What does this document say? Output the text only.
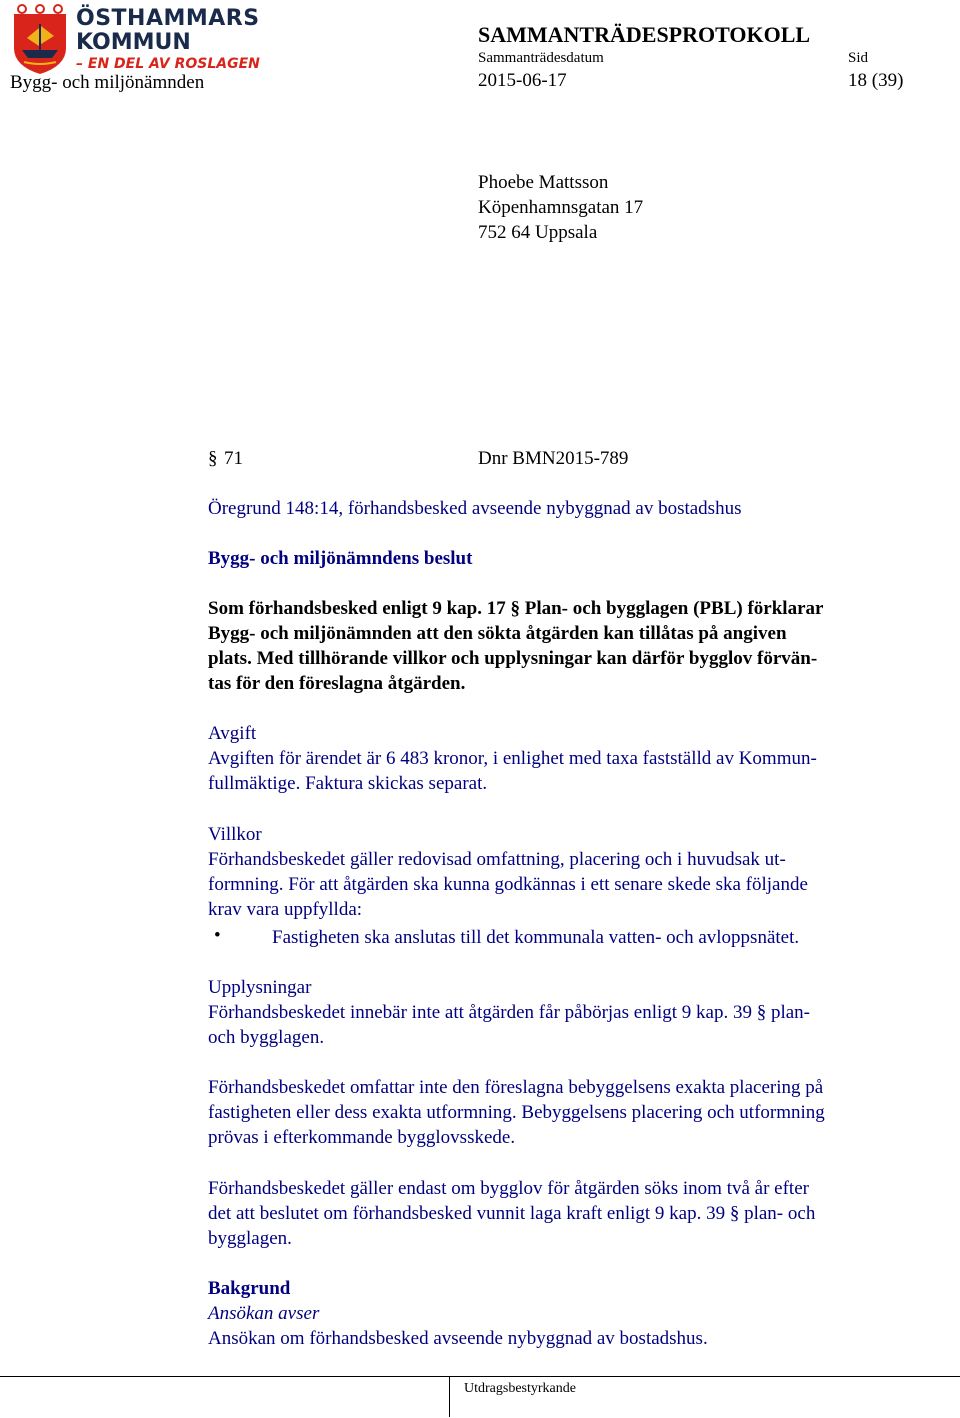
ÖSTHAMMARS
KOMMUN
– EN DEL AV ROSLAGEN
Bygg- och miljönämnden
SAMMANTRÄDESPROTOKOLL
Sammanträdesdatum	Sid
2015-06-17	18 (39)
Phoebe Mattsson
Köpenhamnsgatan 17
752 64 Uppsala
§ 71	Dnr BMN2015-789
Öregrund 148:14, förhandsbesked avseende nybyggnad av bostadshus
Bygg- och miljönämndens beslut

Som förhandsbesked enligt 9 kap. 17 § Plan- och bygglagen (PBL) förklarar

Bygg- och miljönämnden att den sökta åtgärden kan tillåtas på angiven

plats. Med tillhörande villkor och upplysningar kan därför bygglov förvän-

tas för den föreslagna åtgärden.

Avgift

Avgiften för ärendet är 6 483 kronor, i enlighet med taxa fastställd av Kommun-

fullmäktige. Faktura skickas separat.

Villkor

Förhandsbeskedet gäller redovisad omfattning, placering och i huvudsak ut-

formning. För att åtgärden ska kunna godkännas i ett senare skede ska följande

krav vara uppfyllda:

•	Fastigheten ska anslutas till det kommunala vatten- och avloppsnätet.

Upplysningar

Förhandsbeskedet innebär inte att åtgärden får påbörjas enligt 9 kap. 39 § plan-

och bygglagen.

Förhandsbeskedet omfattar inte den föreslagna bebyggelsens exakta placering på

fastigheten eller dess exakta utformning. Bebyggelsens placering och utformning

prövas i efterkommande bygglovsskede.

Förhandsbeskedet gäller endast om bygglov för åtgärden söks inom två år efter

det att beslutet om förhandsbesked vunnit laga kraft enligt 9 kap. 39 § plan- och

bygglagen.

Bakgrund

Ansökan avser

Ansökan om förhandsbesked avseende nybyggnad av bostadshus.

Utdragsbestyrkande
